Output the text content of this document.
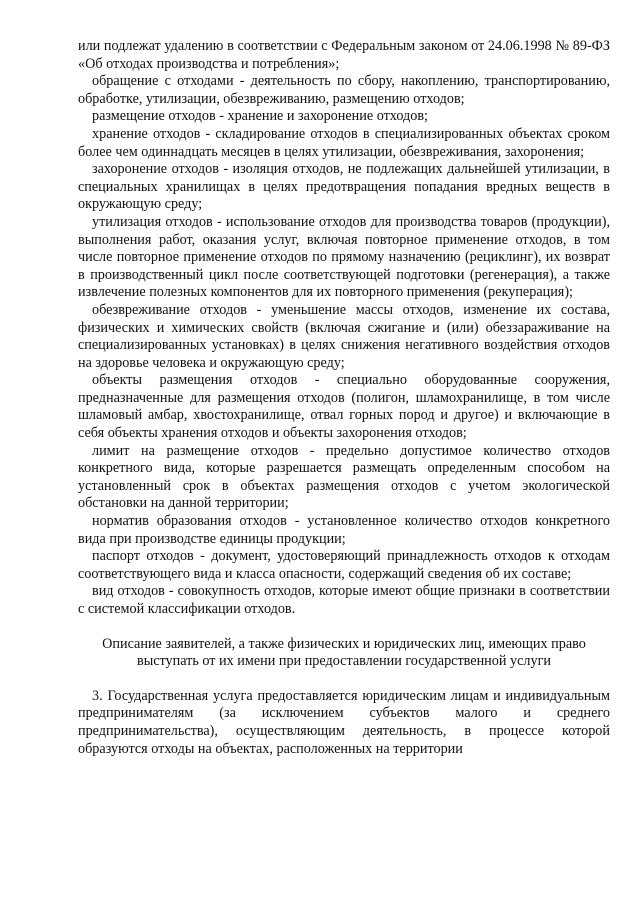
или подлежат удалению в соответствии с Федеральным законом от 24.06.1998 № 89-ФЗ «Об отходах производства и потребления»;

обращение с отходами - деятельность по сбору, накоплению, транспортированию, обработке, утилизации, обезвреживанию, размещению отходов;

размещение отходов - хранение и захоронение отходов;

хранение отходов - складирование отходов в специализированных объектах сроком более чем одиннадцать месяцев в целях утилизации, обезвреживания, захоронения;

захоронение отходов - изоляция отходов, не подлежащих дальнейшей утилизации, в специальных хранилищах в целях предотвращения попадания вредных веществ в окружающую среду;

утилизация отходов - использование отходов для производства товаров (продукции), выполнения работ, оказания услуг, включая повторное применение отходов, в том числе повторное применение отходов по прямому назначению (рециклинг), их возврат в производственный цикл после соответствующей подготовки (регенерация), а также извлечение полезных компонентов для их повторного применения (рекуперация);

обезвреживание отходов - уменьшение массы отходов, изменение их состава, физических и химических свойств (включая сжигание и (или) обеззараживание на специализированных установках) в целях снижения негативного воздействия отходов на здоровье человека и окружающую среду;

объекты размещения отходов - специально оборудованные сооружения, предназначенные для размещения отходов (полигон, шламохранилище, в том числе шламовый амбар, хвостохранилище, отвал горных пород и другое) и включающие в себя объекты хранения отходов и объекты захоронения отходов;

лимит на размещение отходов - предельно допустимое количество отходов конкретного вида, которые разрешается размещать определенным способом на установленный срок в объектах размещения отходов с учетом экологической обстановки на данной территории;

норматив образования отходов - установленное количество отходов конкретного вида при производстве единицы продукции;

паспорт отходов - документ, удостоверяющий принадлежность отходов к отходам соответствующего вида и класса опасности, содержащий сведения об их составе;

вид отходов - совокупность отходов, которые имеют общие признаки в соответствии с системой классификации отходов.

Описание заявителей, а также физических и юридических лиц, имеющих право выступать от их имени при предоставлении государственной услуги

3. Государственная услуга предоставляется юридическим лицам и индивидуальным предпринимателям (за исключением субъектов малого и среднего предпринимательства), осуществляющим деятельность, в процессе которой образуются отходы на объектах, расположенных на территории
